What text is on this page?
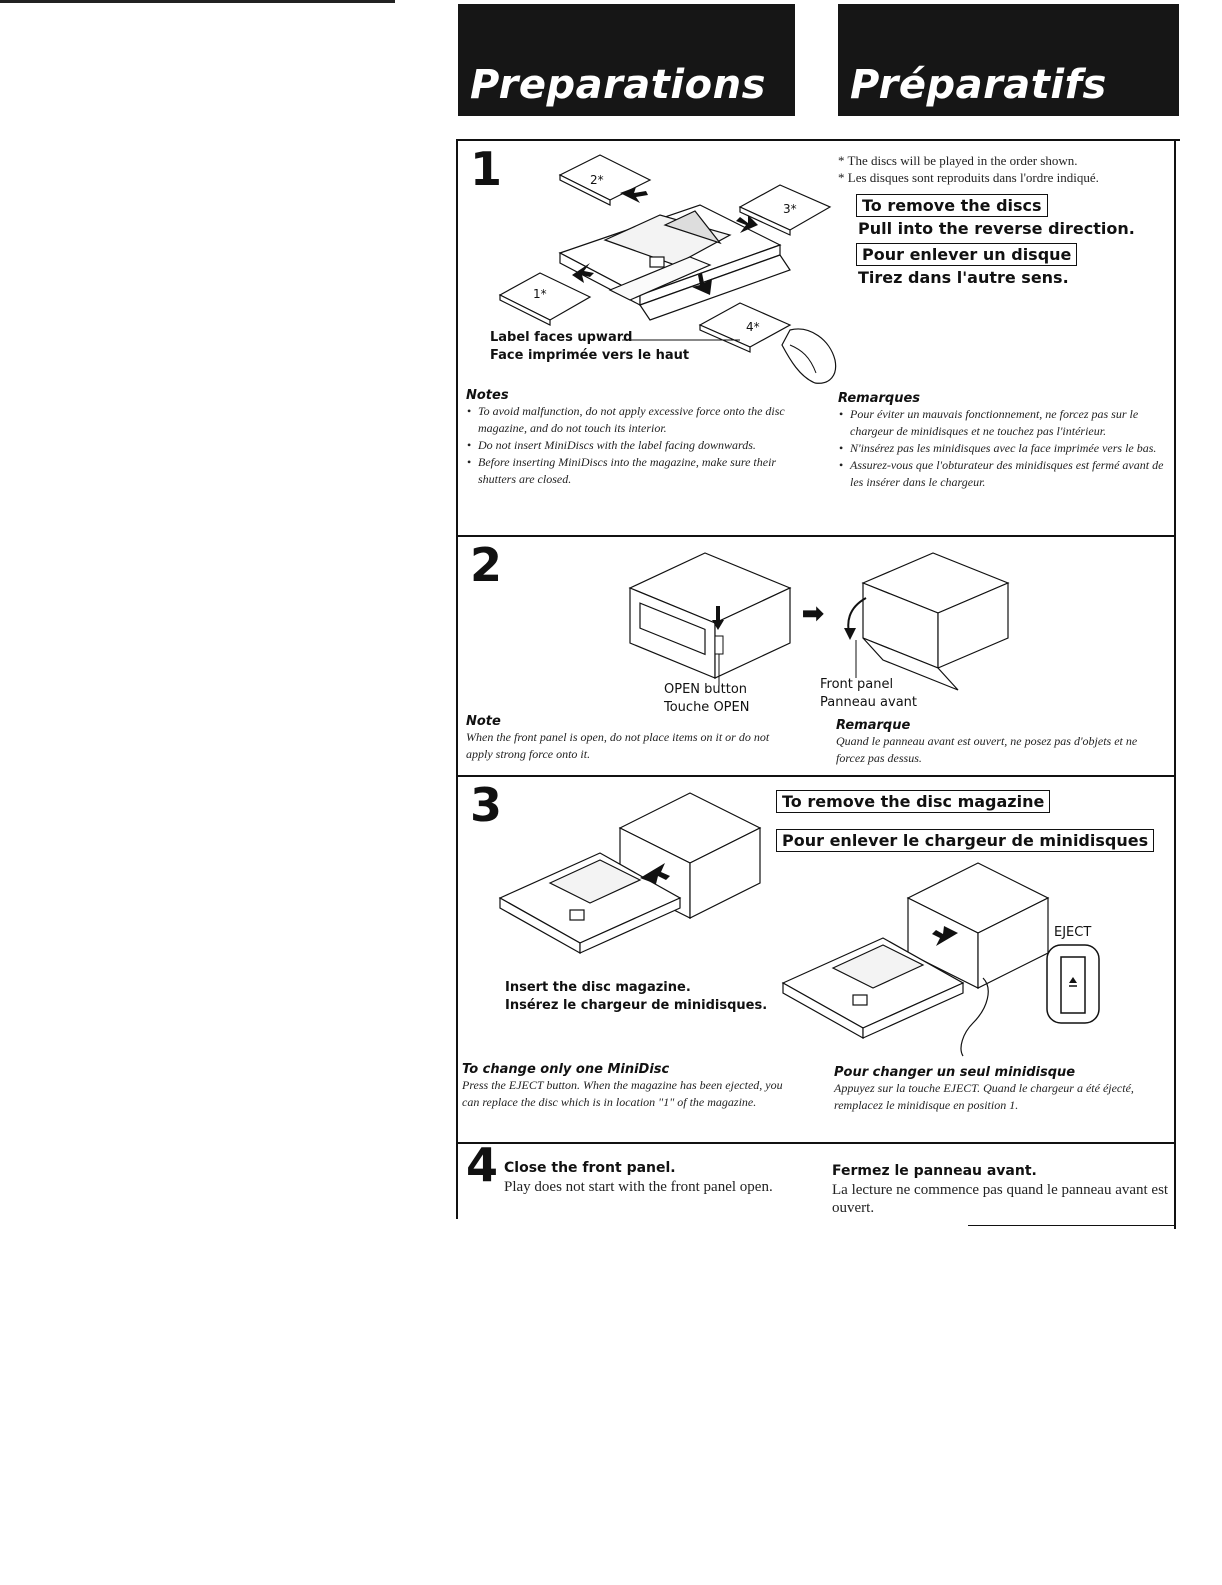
Preparations Préparatifs
1	2*
3*
1*
4*
* The discs will be played in the order shown.
* Les disques sont reproduits dans l'ordre indiqué.
To remove the discs
Pull into the reverse direction.
Pour enlever un disque
Tirez dans l'autre sens.
Label faces upward
Face imprimée vers le haut
Notes
• To avoid malfunction, do not apply excessive force onto the disc magazine, and do not touch its interior.
• Do not insert MiniDiscs with the label facing downwards.
• Before inserting MiniDiscs into the magazine, make sure their shutters are closed.
Remarques
• Pour éviter un mauvais fonctionnement, ne forcez pas sur le chargeur de minidisques et ne touchez pas l'intérieur.
• N'insérez pas les minidisques avec la face imprimée vers le bas.
• Assurez-vous que l'obturateur des minidisques est fermé avant de les insérer dans le chargeur.
2
➡
OPEN button
Touche OPEN
Front panel
Panneau avant
Note
When the front panel is open, do not place items on it or do not apply strong force onto it.
Remarque
Quand le panneau avant est ouvert, ne posez pas d'objets et ne forcez pas dessus.
3
Insert the disc magazine.
Insérez le chargeur de minidisques.
To remove the disc magazine
Pour enlever le chargeur de minidisques
EJECT
To change only one MiniDisc
Press the EJECT button. When the magazine has been ejected, you can replace the disc which is in location "1" of the magazine.
Pour changer un seul minidisque
Appuyez sur la touche EJECT. Quand le chargeur a été éjecté, remplacez le minidisque en position 1.
4 Close the front panel.
Play does not start with the front panel open.
Fermez le panneau avant.
La lecture ne commence pas quand le panneau avant est ouvert.
